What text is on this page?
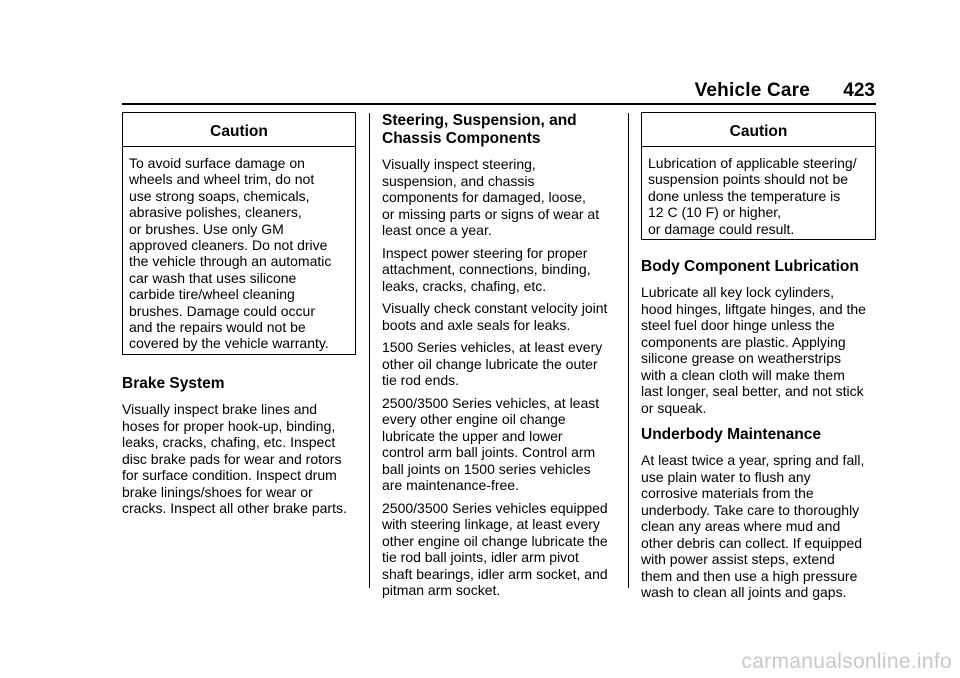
Vehicle Care 423
Caution
To avoid surface damage on
wheels and wheel trim, do not
use strong soaps, chemicals,
abrasive polishes, cleaners,
or brushes. Use only GM
approved cleaners. Do not drive
the vehicle through an automatic
car wash that uses silicone
carbide tire/wheel cleaning
brushes. Damage could occur
and the repairs would not be
covered by the vehicle warranty.
Brake System

Visually inspect brake lines and
hoses for proper hook-up, binding,
leaks, cracks, chafing, etc. Inspect
disc brake pads for wear and rotors
for surface condition. Inspect drum
brake linings/shoes for wear or
cracks. Inspect all other brake parts.

Steering, Suspension, and
Chassis Components

Visually inspect steering,
suspension, and chassis
components for damaged, loose,
or missing parts or signs of wear at
least once a year.

Inspect power steering for proper
attachment, connections, binding,
leaks, cracks, chafing, etc.

Visually check constant velocity joint
boots and axle seals for leaks.

1500 Series vehicles, at least every
other oil change lubricate the outer
tie rod ends.

2500/3500 Series vehicles, at least
every other engine oil change
lubricate the upper and lower
control arm ball joints. Control arm
ball joints on 1500 series vehicles
are maintenance-free.

2500/3500 Series vehicles equipped
with steering linkage, at least every
other engine oil change lubricate the
tie rod ball joints, idler arm pivot
shaft bearings, idler arm socket, and
pitman arm socket.

Caution
Lubrication of applicable steering/
suspension points should not be
done unless the temperature is
12 C (10 F) or higher,
or damage could result.
Body Component Lubrication

Lubricate all key lock cylinders,
hood hinges, liftgate hinges, and the
steel fuel door hinge unless the
components are plastic. Applying
silicone grease on weatherstrips
with a clean cloth will make them
last longer, seal better, and not stick
or squeak.

Underbody Maintenance

At least twice a year, spring and fall,
use plain water to flush any
corrosive materials from the
underbody. Take care to thoroughly
clean any areas where mud and
other debris can collect. If equipped
with power assist steps, extend
them and then use a high pressure
wash to clean all joints and gaps.

carmanualsonline.info
